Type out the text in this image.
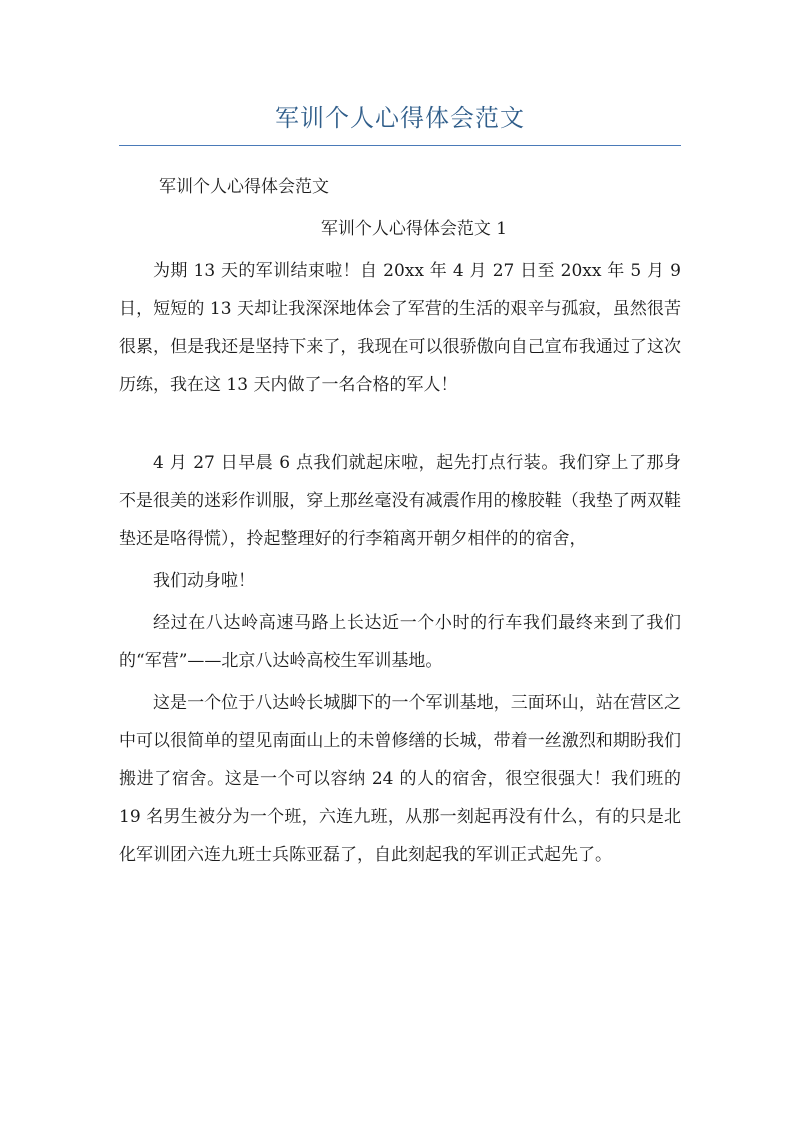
军训个人心得体会范文

军训个人心得体会范文

军训个人心得体会范文 1

为期 13 天的军训结束啦！自 20xx 年 4 月 27 日至 20xx 年 5 月 9 日，短短的 13 天却让我深深地体会了军营的生活的艰辛与孤寂，虽然很苦很累，但是我还是坚持下来了，我现在可以很骄傲向自己宣布我通过了这次历练，我在这 13 天内做了一名合格的军人！

4 月 27 日早晨 6 点我们就起床啦，起先打点行装。我们穿上了那身不是很美的迷彩作训服，穿上那丝毫没有减震作用的橡胶鞋（我垫了两双鞋垫还是咯得慌），拎起整理好的行李箱离开朝夕相伴的的宿舍，

我们动身啦！

经过在八达岭高速马路上长达近一个小时的行车我们最终来到了我们的“军营”——北京八达岭高校生军训基地。

这是一个位于八达岭长城脚下的一个军训基地，三面环山，站在营区之中可以很简单的望见南面山上的未曾修缮的长城，带着一丝激烈和期盼我们搬进了宿舍。这是一个可以容纳 24 的人的宿舍，很空很强大！我们班的 19 名男生被分为一个班，六连九班，从那一刻起再没有什么，有的只是北化军训团六连九班士兵陈亚磊了，自此刻起我的军训正式起先了。
